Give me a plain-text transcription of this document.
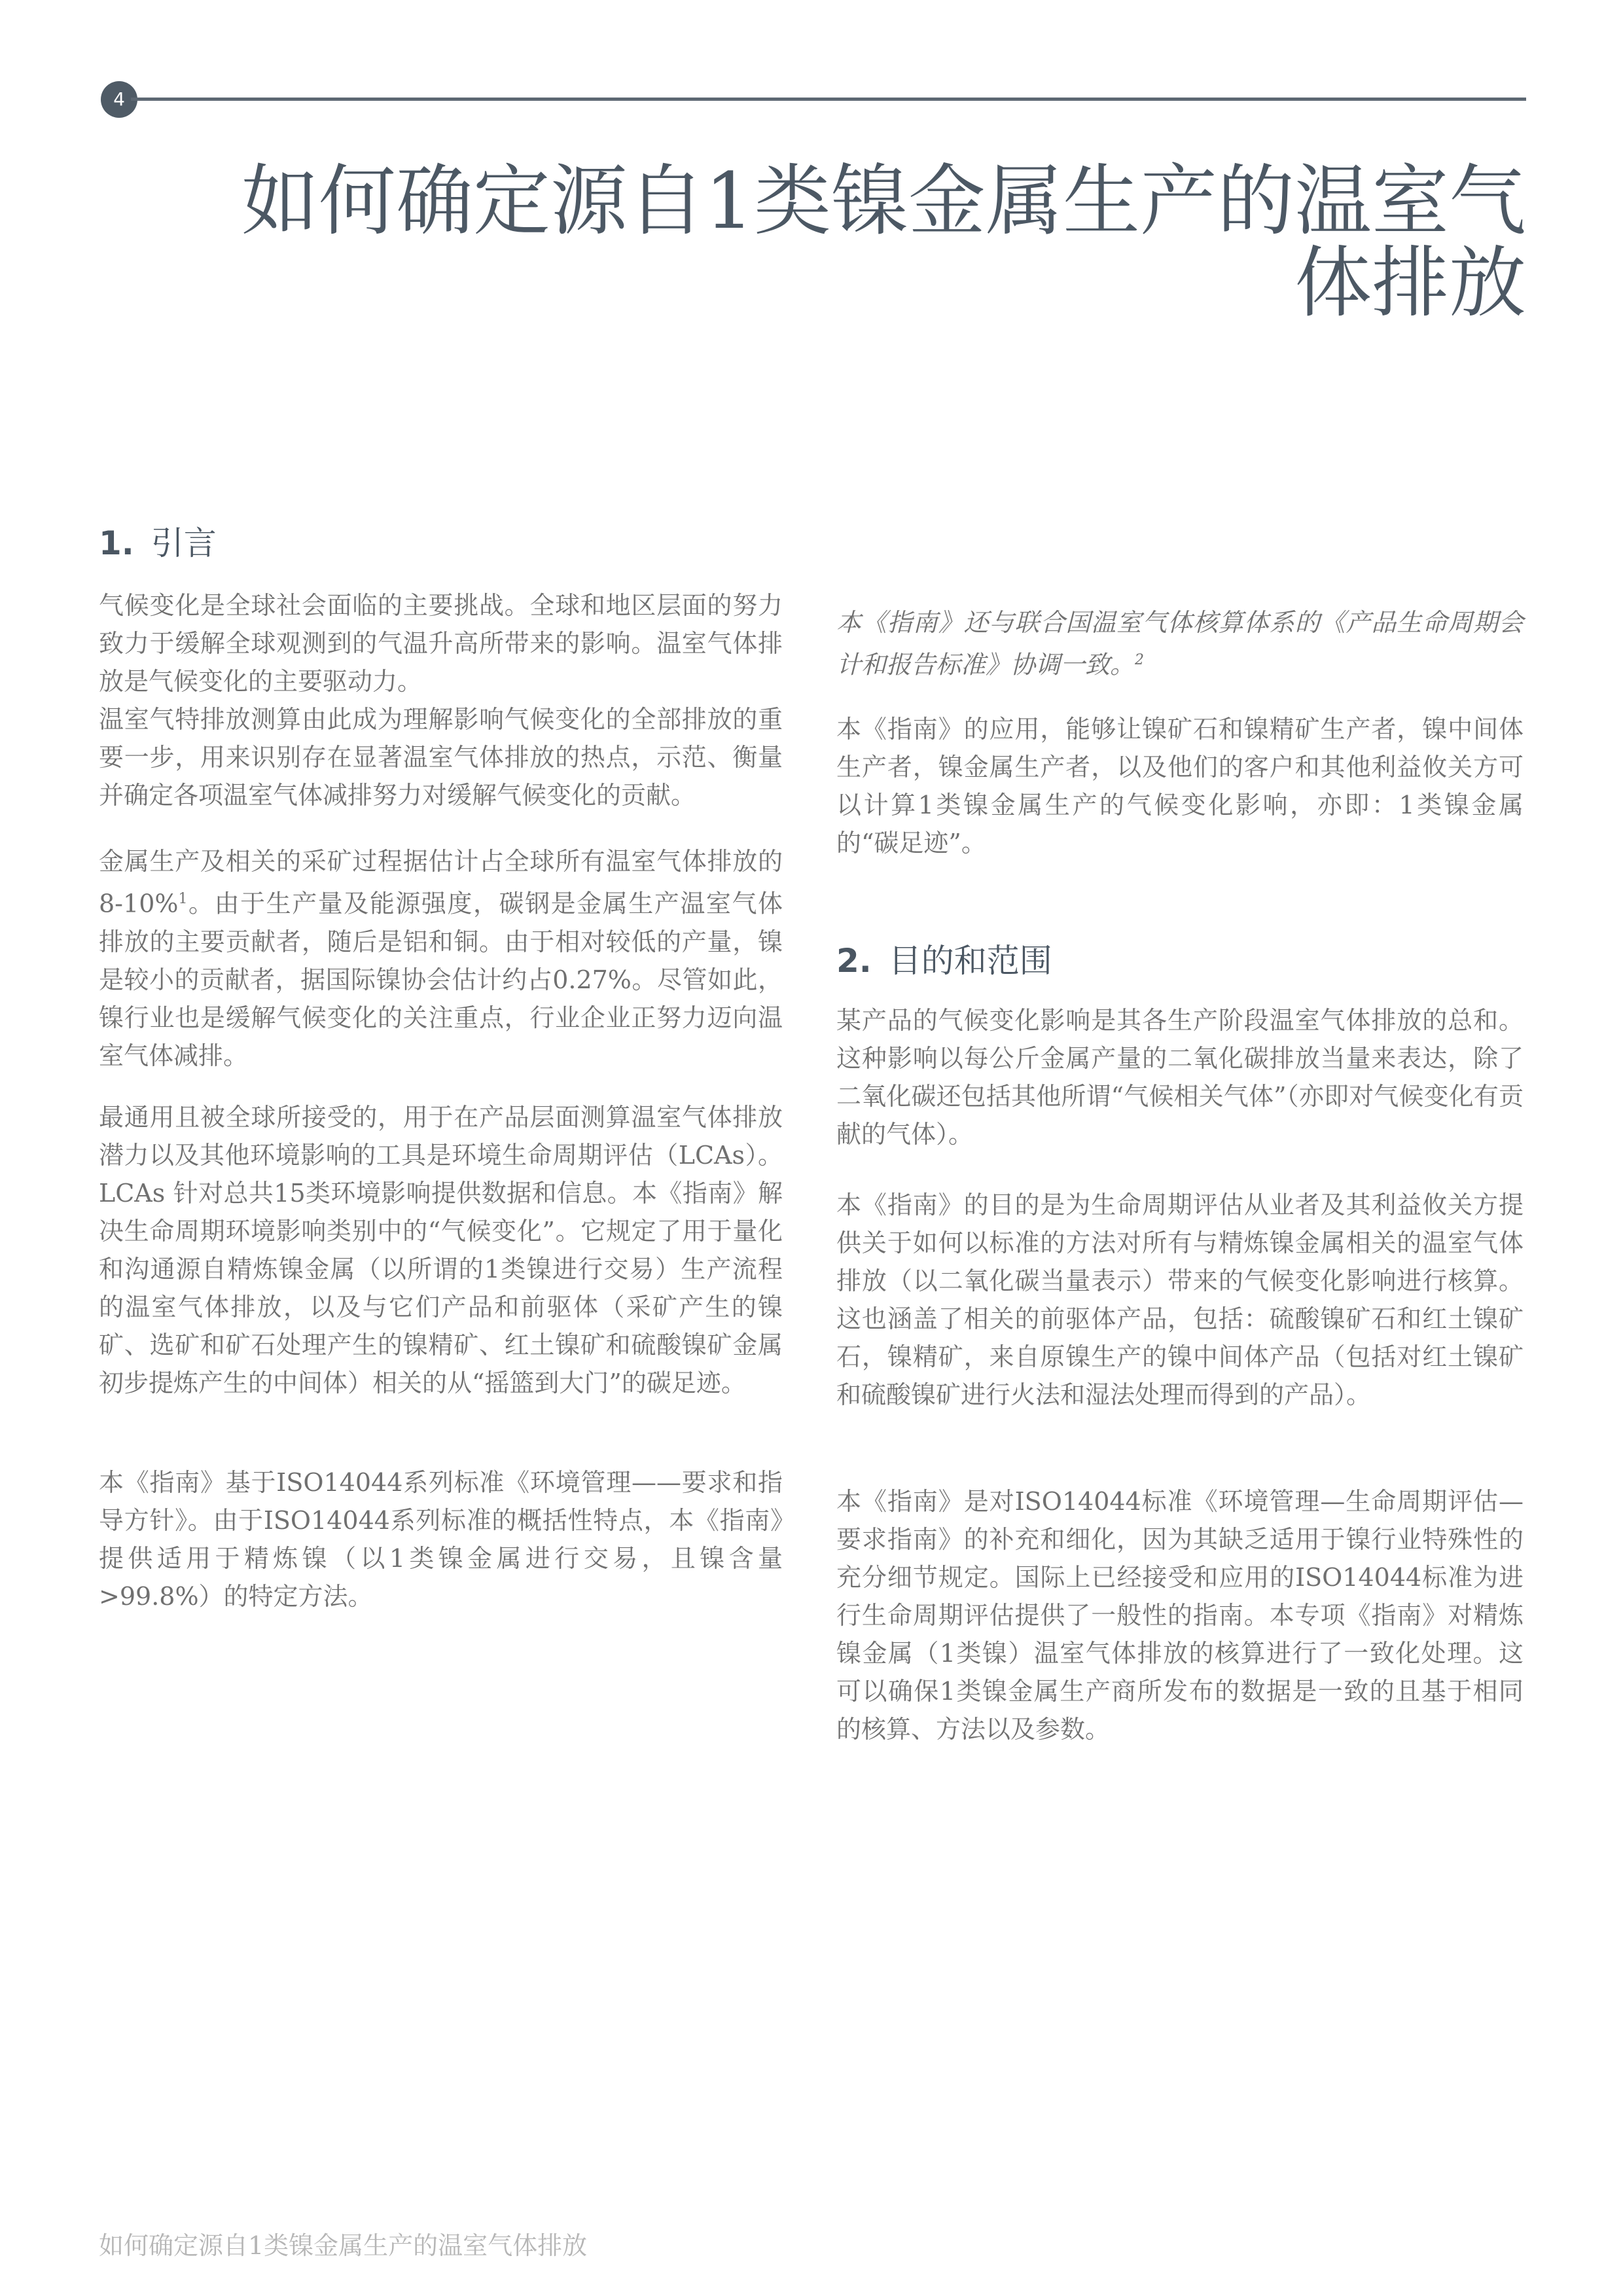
4
如何确定源自1类镍金属生产的温室气体排放
1. 引言

气候变化是全球社会面临的主要挑战。全球和地区层面的努力致力于缓解全球观测到的气温升高所带来的影响。温室气体排放是气候变化的主要驱动力。

温室气特排放测算由此成为理解影响气候变化的全部排放的重要一步，用来识别存在显著温室气体排放的热点，示范、衡量并确定各项温室气体减排努力对缓解气候变化的贡献。

金属生产及相关的采矿过程据估计占全球所有温室气体排放的8-10%$^1$。由于生产量及能源强度，碳钢是金属生产温室气体排放的主要贡献者，随后是铝和铜。由于相对较低的产量，镍是较小的贡献者，据国际镍协会估计约占0.27%。尽管如此，镍行业也是缓解气候变化的关注重点，行业企业正努力迈向温室气体减排。

最通用且被全球所接受的，用于在产品层面测算温室气体排放潜力以及其他环境影响的工具是环境生命周期评估（LCAs）。LCAs 针对总共15类环境影响提供数据和信息。本《指南》解决生命周期环境影响类别中的“气候变化”。它规定了用于量化和沟通源自精炼镍金属（以所谓的1类镍进行交易）生产流程的温室气体排放，以及与它们产品和前驱体（采矿产生的镍矿、选矿和矿石处理产生的镍精矿、红土镍矿和硫酸镍矿金属初步提炼产生的中间体）相关的从“摇篮到大门”的碳足迹。

本《指南》基于ISO14044系列标准《环境管理——要求和指导方针》。由于ISO14044系列标准的概括性特点，本《指南》提供适用于精炼镍（以1类镍金属进行交易，且镍含量>99.8%）的特定方法。

本《指南》还与联合国温室气体核算体系的《产品生命周期会计和报告标准》协调一致。$^2$

本《指南》的应用，能够让镍矿石和镍精矿生产者，镍中间体生产者，镍金属生产者，以及他们的客户和其他利益攸关方可以计算1类镍金属生产的气候变化影响，亦即：1类镍金属的“碳足迹”。

2. 目的和范围

某产品的气候变化影响是其各生产阶段温室气体排放的总和。这种影响以每公斤金属产量的二氧化碳排放当量来表达，除了二氧化碳还包括其他所谓“气候相关气体”（亦即对气候变化有贡献的气体）。

本《指南》的目的是为生命周期评估从业者及其利益攸关方提供关于如何以标准的方法对所有与精炼镍金属相关的温室气体排放（以二氧化碳当量表示）带来的气候变化影响进行核算。这也涵盖了相关的前驱体产品，包括：硫酸镍矿石和红土镍矿石，镍精矿，来自原镍生产的镍中间体产品（包括对红土镍矿和硫酸镍矿进行火法和湿法处理而得到的产品）。

本《指南》是对ISO14044标准《环境管理—生命周期评估—要求指南》的补充和细化，因为其缺乏适用于镍行业特殊性的充分细节规定。国际上已经接受和应用的ISO14044标准为进行生命周期评估提供了一般性的指南。本专项《指南》对精炼镍金属（1类镍）温室气体排放的核算进行了一致化处理。这可以确保1类镍金属生产商所发布的数据是一致的且基于相同的核算、方法以及参数。

如何确定源自1类镍金属生产的温室气体排放
